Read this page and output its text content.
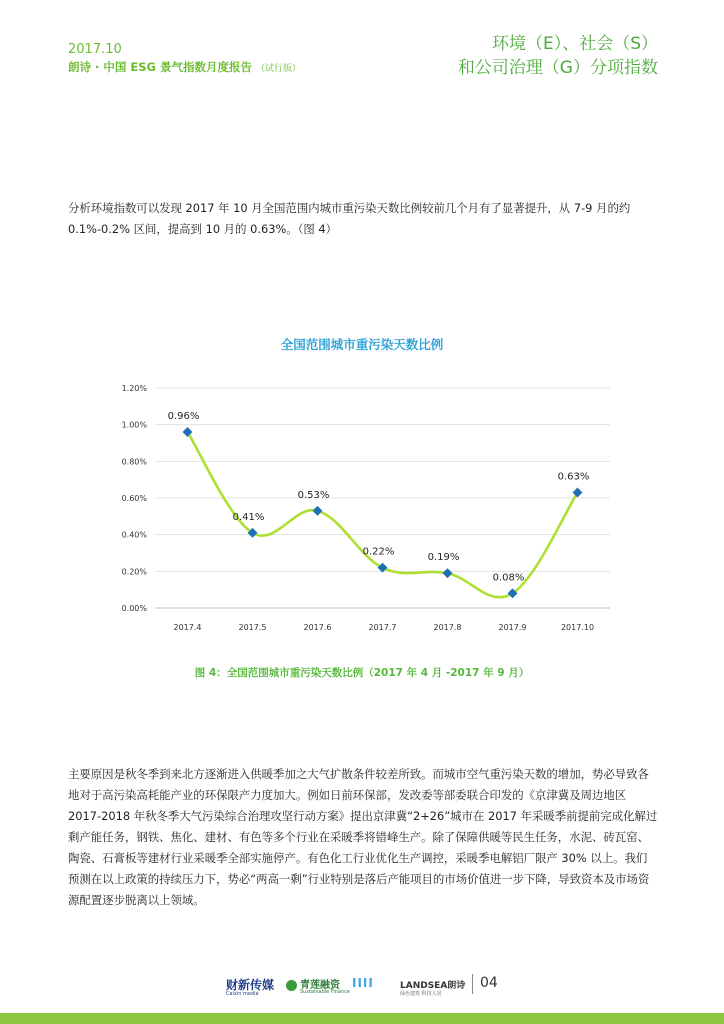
2017.10
朗诗 · 中国 ESG 景气指数月度报告 （试行版）
环境（E）、社会（S）
和公司治理（G）分项指数

分析环境指数可以发现 2017 年 10 月全国范围内城市重污染天数比例较前几个月有了显著提升，从 7-9 月的约 0.1%-0.2% 区间，提高到 10 月的 0.63%。（图 4）

全国范围城市重污染天数比例
0.00%
0.20%
0.40%
0.60%
0.80%
1.00%
1.20%
2017.4	2017.5	2017.6	2017.7	2017.8	2017.9	2017.10
0.96%
0.41%
0.53%
0.22%	0.19%
0.08%
0.63%
图 4：全国范围城市重污染天数比例（2017 年 4 月 -2017 年 9 月）

主要原因是秋冬季到来北方逐渐进入供暖季加之大气扩散条件较差所致。而城市空气重污染天数的增加，势必导致各地对于高污染高耗能产业的环保限产力度加大。例如日前环保部，发改委等部委联合印发的《京津冀及周边地区 2017-2018 年秋冬季大气污染综合治理攻坚行动方案》提出京津冀“2+26”城市在 2017 年采暖季前提前完成化解过剩产能任务，钢铁、焦化、建材、有色等多个行业在采暖季将错峰生产。除了保障供暖等民生任务，水泥、砖瓦窑、陶瓷、石膏板等建材行业采暖季全部实施停产。有色化工行业优化生产调控，采暖季电解铝厂限产 30% 以上。我们预测在以上政策的持续压力下，势必“两高一剩”行业特别是落后产能项目的市场价值进一步下降，导致资本及市场资源配置逐步脱离以上领域。

财新传媒
Caixin media
青莲融资
Sustainable Finance
IIII	LANDSEA朗诗
绿色建筑 科技人居
04
